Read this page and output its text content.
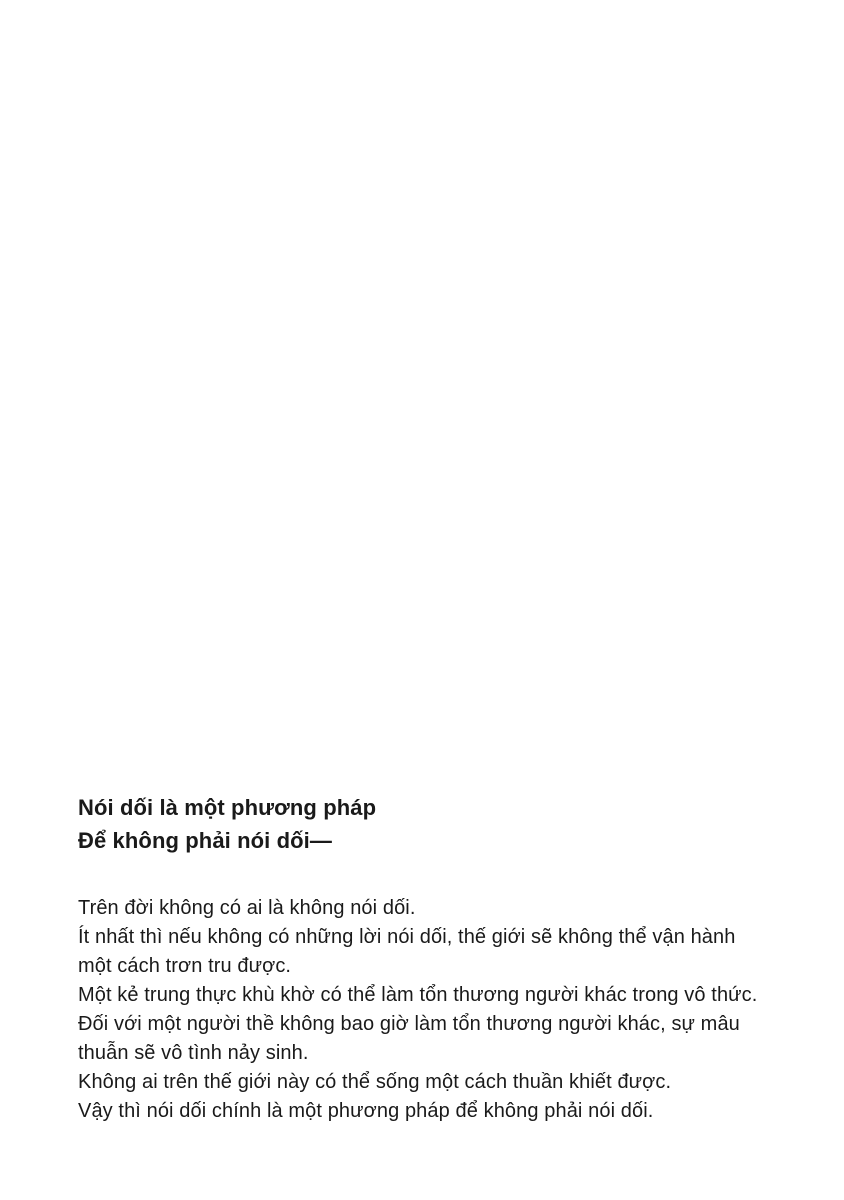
Nói dối là một phương pháp
Để không phải nói dối—
Trên đời không có ai là không nói dối.
Ít nhất thì nếu không có những lời nói dối, thế giới sẽ không thể vận hành
một cách trơn tru được.
Một kẻ trung thực khù khờ có thể làm tổn thương người khác trong vô thức.
Đối với một người thề không bao giờ làm tổn thương người khác, sự mâu
thuẫn sẽ vô tình nảy sinh.
Không ai trên thế giới này có thể sống một cách thuần khiết được.
Vậy thì nói dối chính là một phương pháp để không phải nói dối.
